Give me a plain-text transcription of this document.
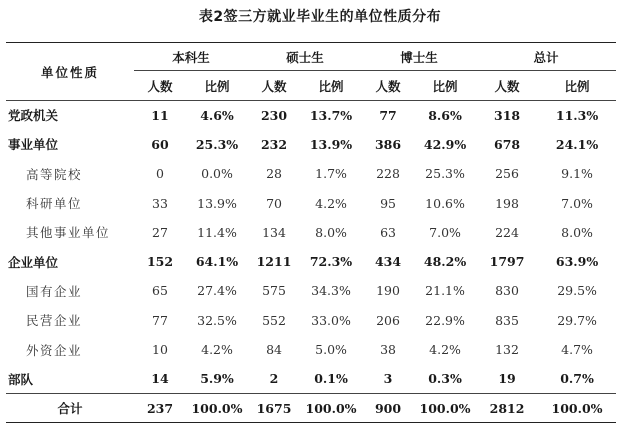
表2签三方就业毕业生的单位性质分布
单位性质	本科生		硕士生		博士生		总计	
	人数	比例	人数	比例	人数	比例	人数	比例
党政机关	11	4.6%	230	13.7%	77	8.6%	318	11.3%
事业单位	60	25.3%	232	13.9%	386	42.9%	678	24.1%
高等院校	0	0.0%	28	1.7%	228	25.3%	256	9.1%
科研单位	33	13.9%	70	4.2%	95	10.6%	198	7.0%
其他事业单位	27	11.4%	134	8.0%	63	7.0%	224	8.0%
企业单位	152	64.1%	1211	72.3%	434	48.2%	1797	63.9%
国有企业	65	27.4%	575	34.3%	190	21.1%	830	29.5%
民营企业	77	32.5%	552	33.0%	206	22.9%	835	29.7%
外资企业	10	4.2%	84	5.0%	38	4.2%	132	4.7%
部队	14	5.9%	2	0.1%	3	0.3%	19	0.7%
合计	237	100.0%	1675	100.0%	900	100.0%	2812	100.0%
